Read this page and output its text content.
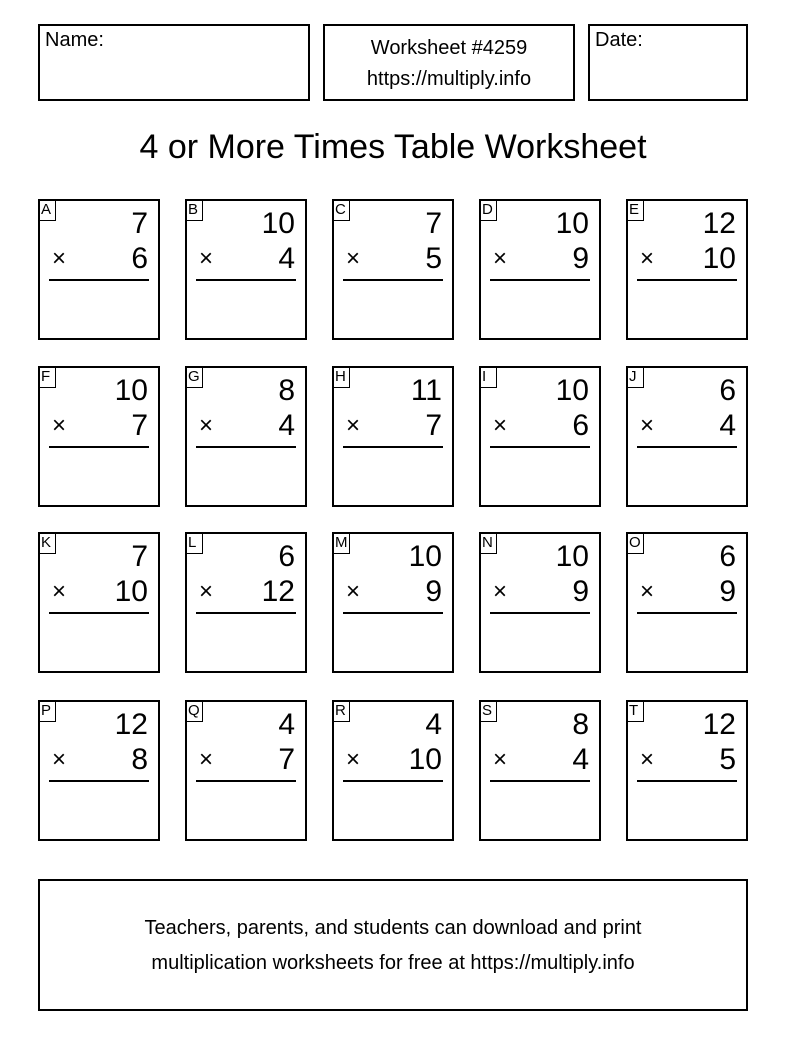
Name:	Worksheet #4259
https://multiply.info
Date:
4 or More Times Table Worksheet
A	7
× 6
B 10
× 4
C	7
× 5
D 10
× 9
E 12
× 10
F 10
× 7
G	8
× 4
H 11
× 7
I	10
× 6
J	6
× 4
K	7
× 10
L	6
× 12
M 10
× 9
N 10
× 9
O	6
× 9
P 12
× 8
Q	4
× 7
R	4
× 10
S	8
× 4
T 12
× 5
Teachers, parents, and students can download and print
multiplication worksheets for free at https://multiply.info
